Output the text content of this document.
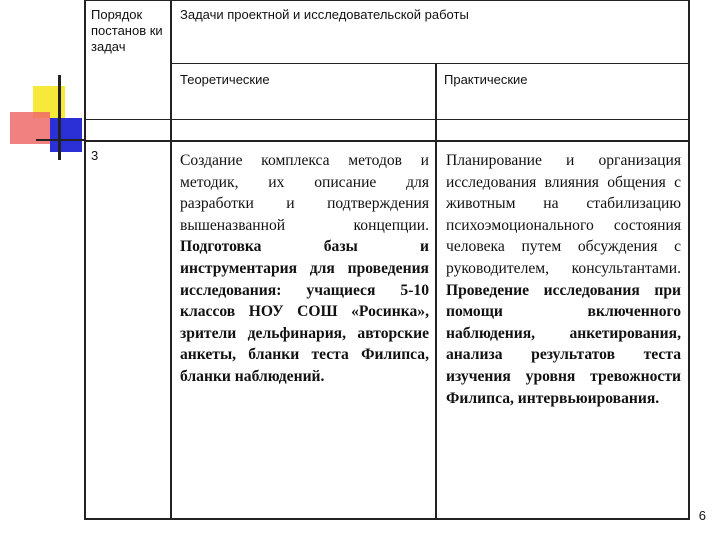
Порядок постанов ки задач
Задачи проектной и исследовательской работы
Теоретические	Практические
3	Создание комплекса методов и методик, их описание для разработки и подтверждения вышеназванной концепции. Подготовка базы и инструментария для проведения исследования: учащиеся 5-10 классов НОУ СОШ «Росинка», зрители дельфинария, авторские анкеты, бланки теста Филипса, бланки наблюдений.
Планирование и организация исследования влияния общения с животным на стабилизацию психоэмоционального состояния человека путем обсуждения с руководителем, консультантами. Проведение исследования при помощи включенного наблюдения, анкетирования, анализа результатов теста изучения уровня тревожности Филипса, интервьюирования.
6
